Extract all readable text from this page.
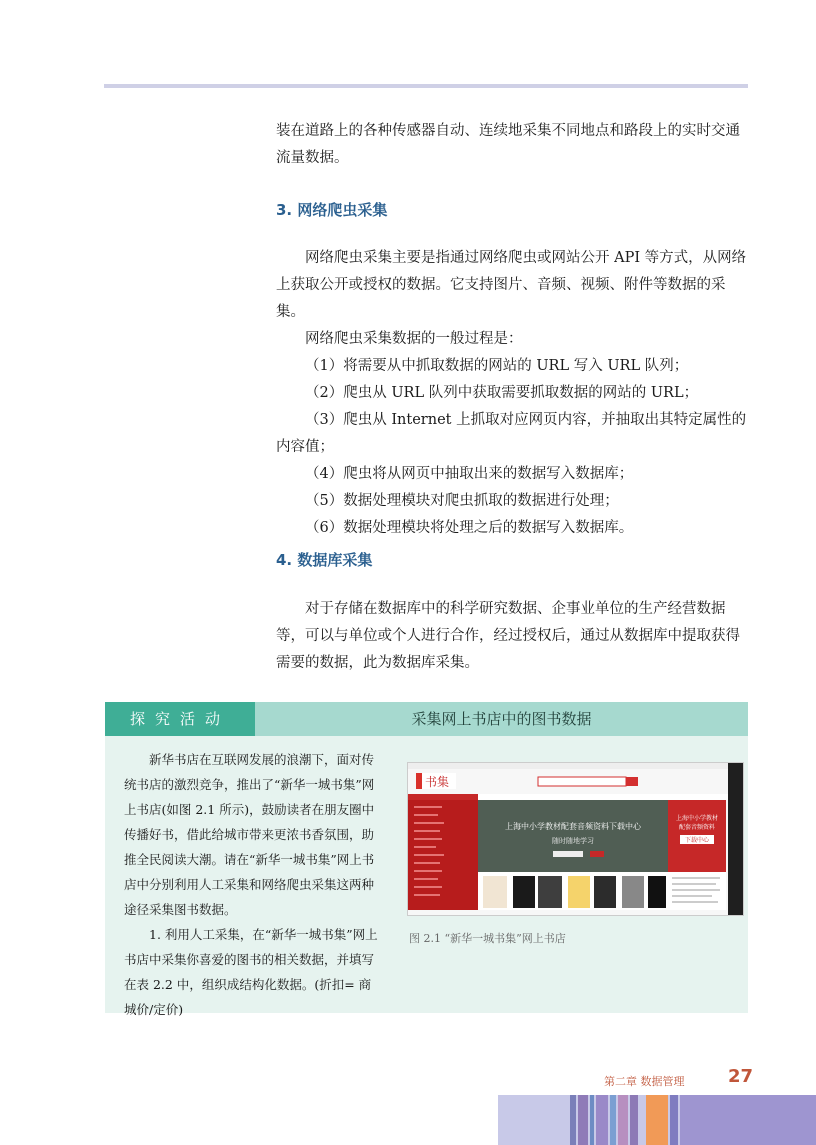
装在道路上的各种传感器自动、连续地采集不同地点和路段上的实时交通流量数据。

3. 网络爬虫采集

网络爬虫采集主要是指通过网络爬虫或网站公开 API 等方式，从网络上获取公开或授权的数据。它支持图片、音频、视频、附件等数据的采集。

网络爬虫采集数据的一般过程是：

（1）将需要从中抓取数据的网站的 URL 写入 URL 队列；

（2）爬虫从 URL 队列中获取需要抓取数据的网站的 URL；

（3）爬虫从 Internet 上抓取对应网页内容，并抽取出其特定属性的内容值；

（4）爬虫将从网页中抽取出来的数据写入数据库；

（5）数据处理模块对爬虫抓取的数据进行处理；

（6）数据处理模块将处理之后的数据写入数据库。

4. 数据库采集

对于存储在数据库中的科学研究数据、企事业单位的生产经营数据等，可以与单位或个人进行合作，经过授权后，通过从数据库中提取获得需要的数据，此为数据库采集。

探究活动	采集网上书店中的图书数据

新华书店在互联网发展的浪潮下，面对传统书店的激烈竞争，推出了“新华一城书集”网上书店(如图 2.1 所示)，鼓励读者在朋友圈中传播好书，借此给城市带来更浓书香氛围，助推全民阅读大潮。请在“新华一城书集”网上书店中分别利用人工采集和网络爬虫采集这两种途径采集图书数据。

1. 利用人工采集，在“新华一城书集”网上书店中采集你喜爱的图书的相关数据，并填写在表 2.2 中，组织成结构化数据。(折扣= 商城价/定价)

书集
上海中小学教材配套音频资料下载中心
随时随地学习
上海中小学教材
配套音频资料
下载中心
图 2.1 “新华一城书集”网上书店
第二章 数据管理 27
